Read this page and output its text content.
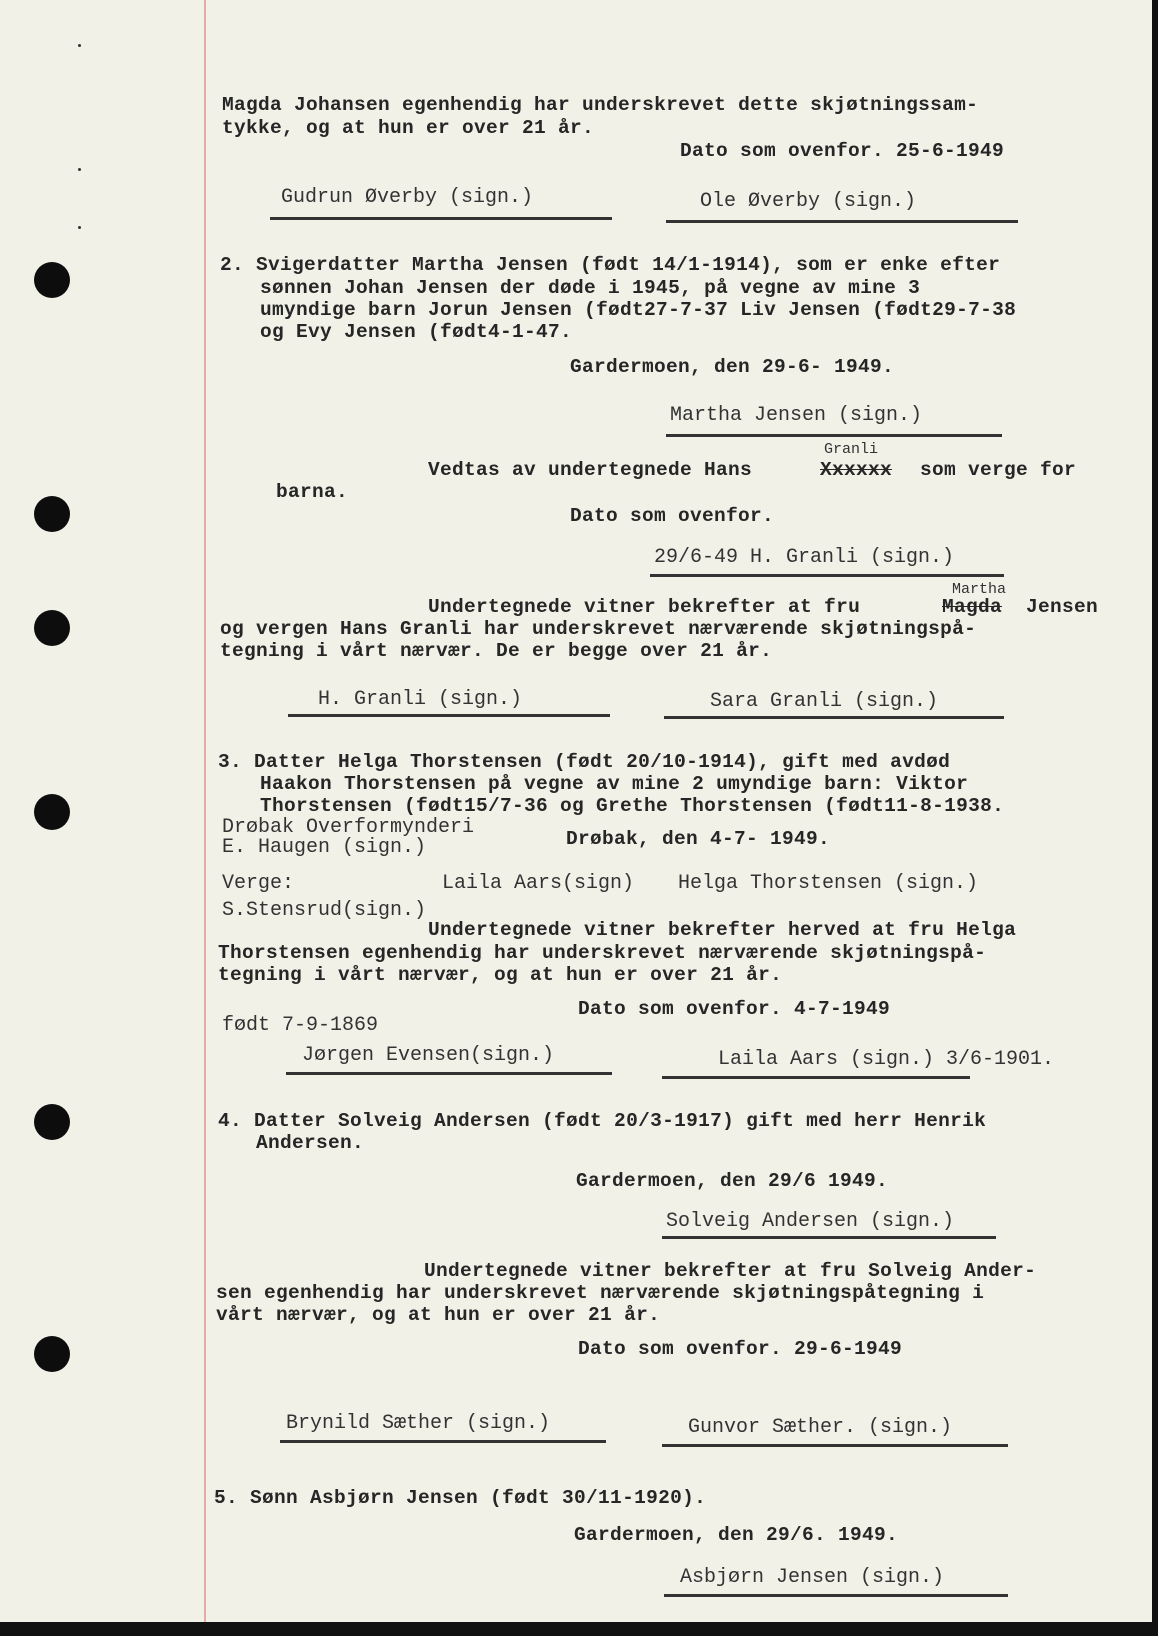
Magda Johansen egenhendig har underskrevet dette skjøtningssam-
tykke, og at hun er over 21 år.
Dato som ovenfor. 25-6-1949
Gudrun Øverby (sign.)	Ole Øverby (sign.)
2. Svigerdatter Martha Jensen (født 14/1-1914), som er enke efter
sønnen Johan Jensen der døde i 1945, på vegne av mine 3
umyndige barn Jorun Jensen (født27-7-37 Liv Jensen (født29-7-38
og Evy Jensen (født4-1-47.
Gardermoen, den 29-6- 1949.
Martha Jensen (sign.)
Granli
Vedtas av undertegnede Hans	Xxxxxx som verge for
barna.
Dato som ovenfor.
29/6-49 H. Granli (sign.)
Martha
Undertegnede vitner bekrefter at fru	Magda Jensen
og vergen Hans Granli har underskrevet nærværende skjøtningspå-
tegning i vårt nærvær. De er begge over 21 år.
H. Granli (sign.)	Sara Granli (sign.)
3. Datter Helga Thorstensen (født 20/10-1914), gift med avdød
Haakon Thorstensen på vegne av mine 2 umyndige barn: Viktor
Thorstensen (født15/7-36 og Grethe Thorstensen (født11-8-1938.
Drøbak Overformynderi
E. Haugen (sign.)	Drøbak, den 4-7- 1949.
Verge:	Laila Aars(sign) Helga Thorstensen (sign.)
S.Stensrud(sign.)
Undertegnede vitner bekrefter herved at fru Helga
Thorstensen egenhendig har underskrevet nærværende skjøtningspå-
tegning i vårt nærvær, og at hun er over 21 år.
født 7-9-1869
Dato som ovenfor. 4-7-1949
Jørgen Evensen(sign.)	Laila Aars (sign.) 3/6-1901.
4. Datter Solveig Andersen (født 20/3-1917) gift med herr Henrik
Andersen.
Gardermoen, den 29/6 1949.
Solveig Andersen (sign.)
Undertegnede vitner bekrefter at fru Solveig Ander-
sen egenhendig har underskrevet nærværende skjøtningspåtegning i
vårt nærvær, og at hun er over 21 år.
Dato som ovenfor. 29-6-1949
Brynild Sæther (sign.)	Gunvor Sæther. (sign.)
5. Sønn Asbjørn Jensen (født 30/11-1920).
Gardermoen, den 29/6. 1949.
Asbjørn Jensen (sign.)
